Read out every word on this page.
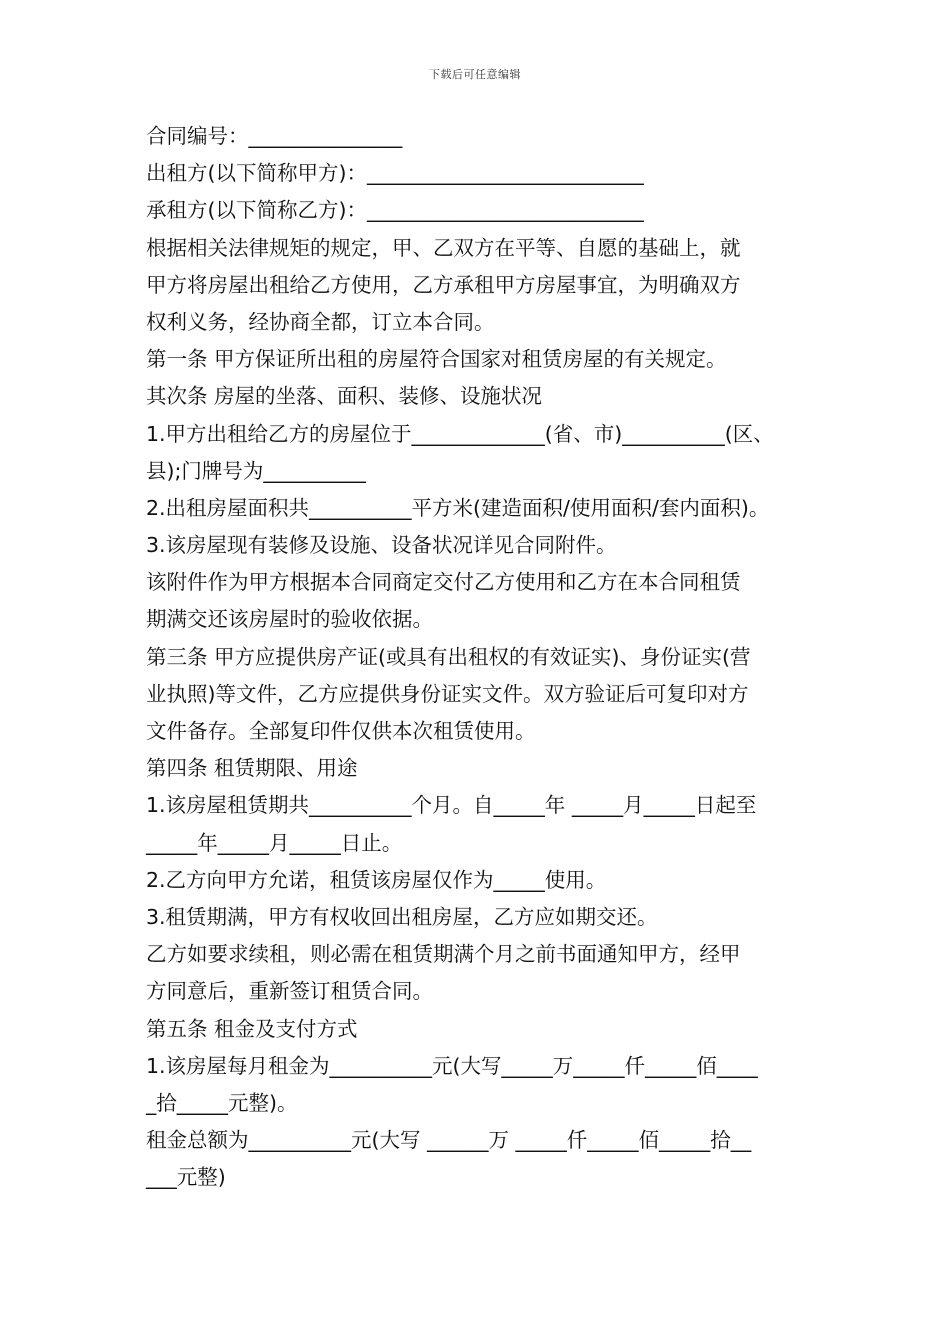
下载后可任意编辑
合同编号：_______________
出租方(以下简称甲方)：___________________________
承租方(以下简称乙方)：___________________________
根据相关法律规矩的规定，甲、乙双方在平等、自愿的基础上，就
甲方将房屋出租给乙方使用，乙方承租甲方房屋事宜，为明确双方
权利义务，经协商全都，订立本合同。
第一条 甲方保证所出租的房屋符合国家对租赁房屋的有关规定。
其次条 房屋的坐落、面积、装修、设施状况
1.甲方出租给乙方的房屋位于_____________(省、市)__________(区、
县);门牌号为__________
2.出租房屋面积共__________平方米(建造面积/使用面积/套内面积)。
3.该房屋现有装修及设施、设备状况详见合同附件。
该附件作为甲方根据本合同商定交付乙方使用和乙方在本合同租赁
期满交还该房屋时的验收依据。
第三条 甲方应提供房产证(或具有出租权的有效证实)、身份证实(营
业执照)等文件，乙方应提供身份证实文件。双方验证后可复印对方
文件备存。全部复印件仅供本次租赁使用。
第四条 租赁期限、用途
1.该房屋租赁期共__________个月。自_____年 _____月_____日起至
_____年_____月_____日止。
2.乙方向甲方允诺，租赁该房屋仅作为_____使用。
3.租赁期满，甲方有权收回出租房屋，乙方应如期交还。
乙方如要求续租，则必需在租赁期满个月之前书面通知甲方，经甲
方同意后，重新签订租赁合同。
第五条 租金及支付方式
1.该房屋每月租金为__________元(大写_____万_____仟_____佰____
_拾_____元整)。
租金总额为__________元(大写 ______万 _____仟_____佰_____拾__
___元整)
